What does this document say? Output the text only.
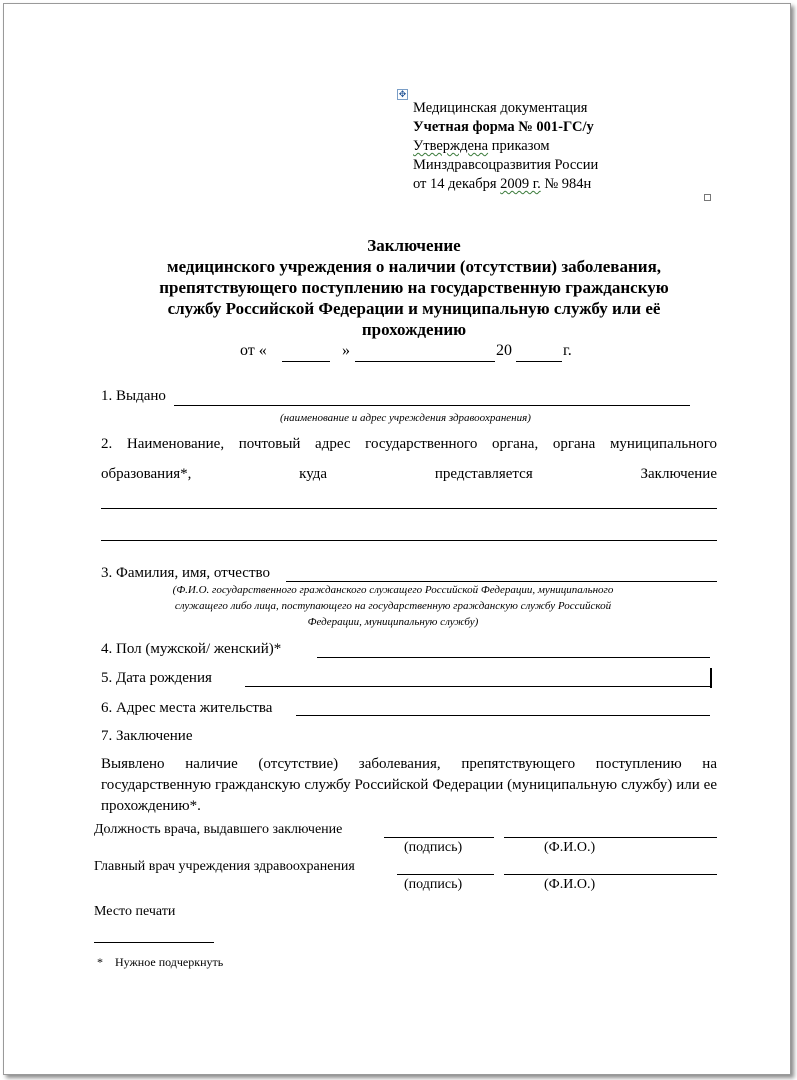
✥
Медицинская документация
Учетная форма № 001-ГС/у
Утверждена приказом
Минздравсоцразвития России
от 14 декабря 2009 г. № 984н
Заключение
медицинского учреждения о наличии (отсутствии) заболевания,
препятствующего поступлению на государственную гражданскую
службу Российской Федерации и муниципальную службу или её
прохождению
от «	»	20	г.
1. Выдано
(наименование и адрес учреждения здравоохранения)
2. Наименование, почтовый адрес государственного органа, органа муниципального образования*, куда представляется Заключение
3. Фамилия, имя, отчество
(Ф.И.О. государственного гражданского служащего Российской Федерации, муниципального
служащего либо лица, поступающего на государственную гражданскую службу Российской
Федерации, муниципальную службу)
4. Пол (мужской/ женский)*
5. Дата рождения
6. Адрес места жительства
7. Заключение
Выявлено наличие (отсутствие) заболевания, препятствующего поступлению на государственную гражданскую службу Российской Федерации (муниципальную службу) или ее прохождению*.
Должность врача, выдавшего заключение
(подпись)	(Ф.И.О.)
Главный врач учреждения здравоохранения
(подпись)	(Ф.И.О.)
Место печати
* Нужное подчеркнуть
